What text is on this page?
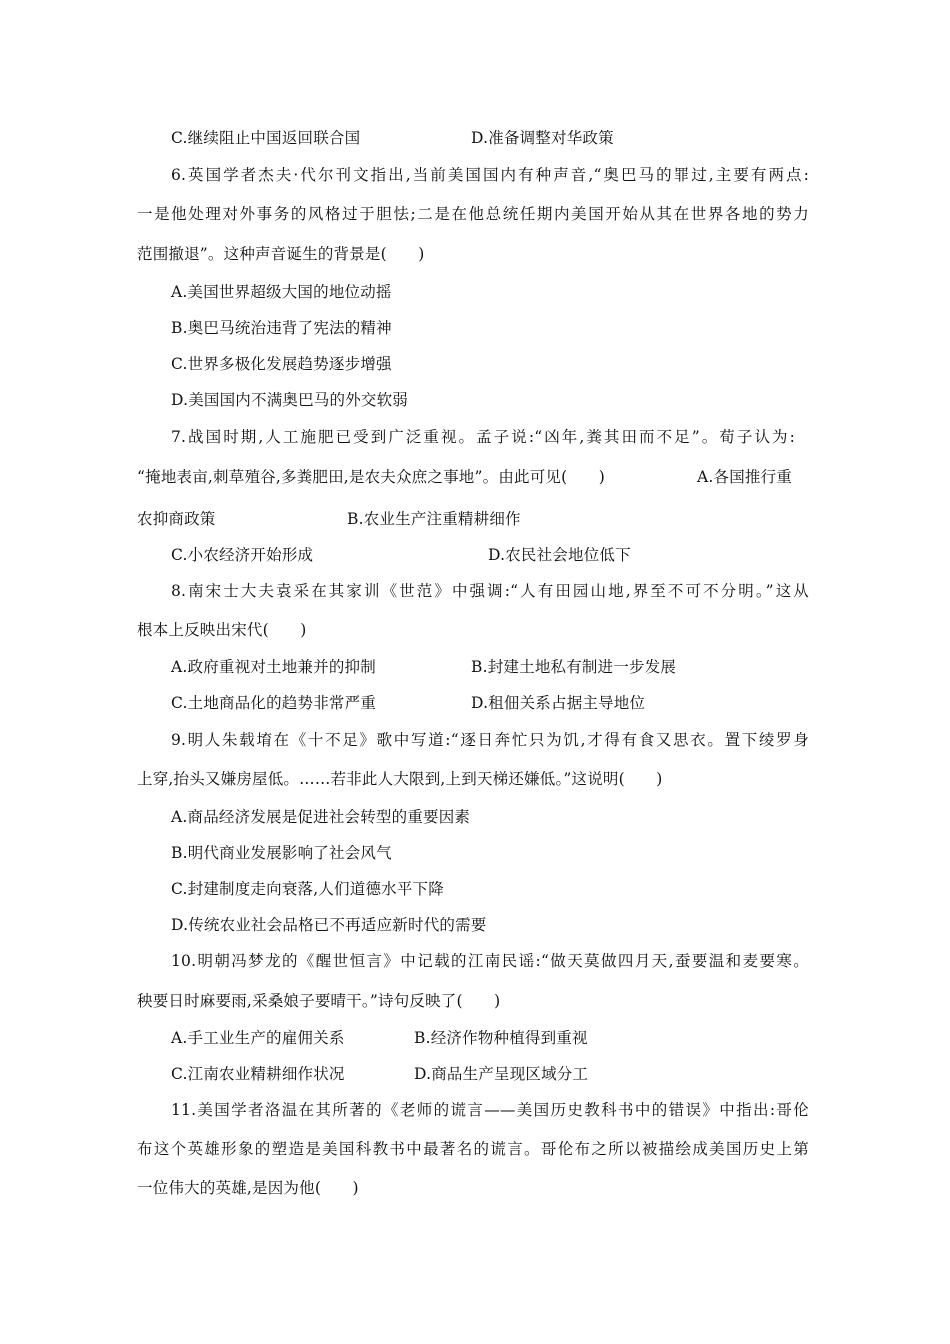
C.继续阻止中国返回联合国	D.准备调整对华政策
6.英国学者杰夫·代尔刊文指出,当前美国国内有种声音,“奥巴马的罪过,主要有两点:
一是他处理对外事务的风格过于胆怯;二是在他总统任期内美国开始从其在世界各地的势力
范围撤退”。这种声音诞生的背景是(　　)
A.美国世界超级大国的地位动摇
B.奥巴马统治违背了宪法的精神
C.世界多极化发展趋势逐步增强
D.美国国内不满奥巴马的外交软弱
7.战国时期,人工施肥已受到广泛重视。孟子说:“凶年,粪其田而不足”。荀子认为:
“掩地表亩,刺草殖谷,多粪肥田,是农夫众庶之事地”。由此可见(　　)	A.各国推行重
农抑商政策	B.农业生产注重精耕细作
C.小农经济开始形成	D.农民社会地位低下
8.南宋士大夫袁采在其家训《世范》中强调:“人有田园山地,界至不可不分明。”这从
根本上反映出宋代(　　)
A.政府重视对土地兼并的抑制	B.封建土地私有制进一步发展
C.土地商品化的趋势非常严重	D.租佃关系占据主导地位
9.明人朱载堉在《十不足》歌中写道:“逐日奔忙只为饥,才得有食又思衣。置下绫罗身
上穿,抬头又嫌房屋低。……若非此人大限到,上到天梯还嫌低。”这说明(　　)
A.商品经济发展是促进社会转型的重要因素
B.明代商业发展影响了社会风气
C.封建制度走向衰落,人们道德水平下降
D.传统农业社会品格已不再适应新时代的需要
10.明朝冯梦龙的《醒世恒言》中记载的江南民谣:“做天莫做四月天,蚕要温和麦要寒。
秧要日时麻要雨,采桑娘子要晴干。”诗句反映了(　　)
A.手工业生产的雇佣关系	B.经济作物种植得到重视
C.江南农业精耕细作状况	D.商品生产呈现区域分工
11.美国学者洛温在其所著的《老师的谎言——美国历史教科书中的错误》中指出:哥伦
布这个英雄形象的塑造是美国科教书中最著名的谎言。哥伦布之所以被描绘成美国历史上第
一位伟大的英雄,是因为他(　　)
